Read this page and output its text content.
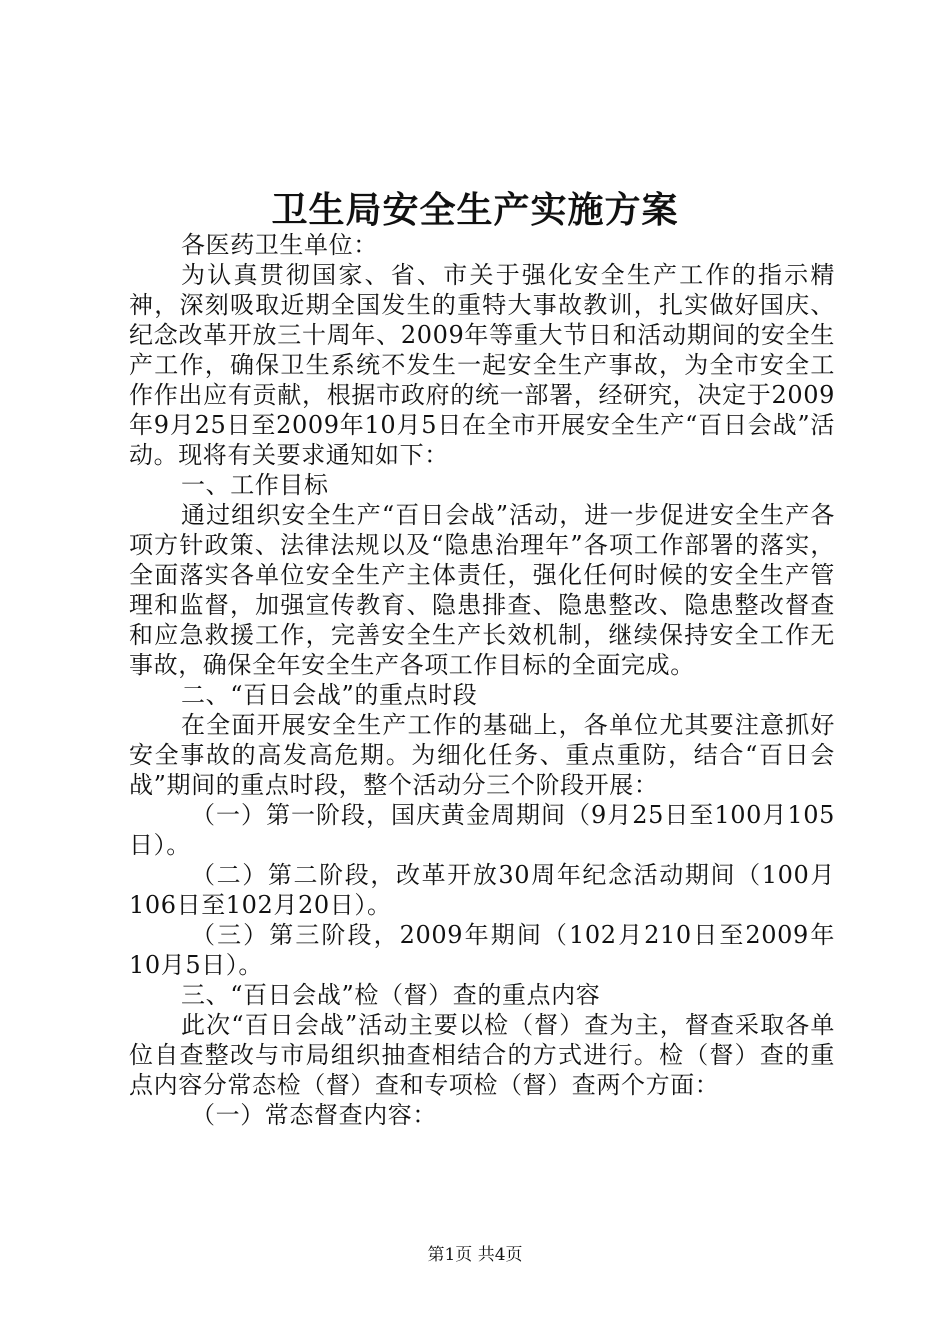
卫生局安全生产实施方案

各医药卫生单位：

为认真贯彻国家、省、市关于强化安全生产工作的指示精神，深刻吸取近期全国发生的重特大事故教训，扎实做好国庆、纪念改革开放三十周年、2009年等重大节日和活动期间的安全生产工作，确保卫生系统不发生一起安全生产事故，为全市安全工作作出应有贡献，根据市政府的统一部署，经研究，决定于2009年9月25日至2009年10月5日在全市开展安全生产“百日会战”活动。现将有关要求通知如下：

一、工作目标

通过组织安全生产“百日会战”活动，进一步促进安全生产各项方针政策、法律法规以及“隐患治理年”各项工作部署的落实，全面落实各单位安全生产主体责任，强化任何时候的安全生产管理和监督，加强宣传教育、隐患排查、隐患整改、隐患整改督查和应急救援工作，完善安全生产长效机制，继续保持安全工作无事故，确保全年安全生产各项工作目标的全面完成。

二、“百日会战”的重点时段

在全面开展安全生产工作的基础上，各单位尤其要注意抓好安全事故的高发高危期。为细化任务、重点重防，结合“百日会战”期间的重点时段，整个活动分三个阶段开展：

（一）第一阶段，国庆黄金周期间（9月25日至100月105日）。

（二）第二阶段，改革开放30周年纪念活动期间（100月106日至102月20日）。

（三）第三阶段，2009年期间（102月210日至2009年10月5日）。

三、“百日会战”检（督）查的重点内容

此次“百日会战”活动主要以检（督）查为主，督查采取各单位自查整改与市局组织抽查相结合的方式进行。检（督）查的重点内容分常态检（督）查和专项检（督）查两个方面：

（一）常态督查内容：

第1页 共4页
